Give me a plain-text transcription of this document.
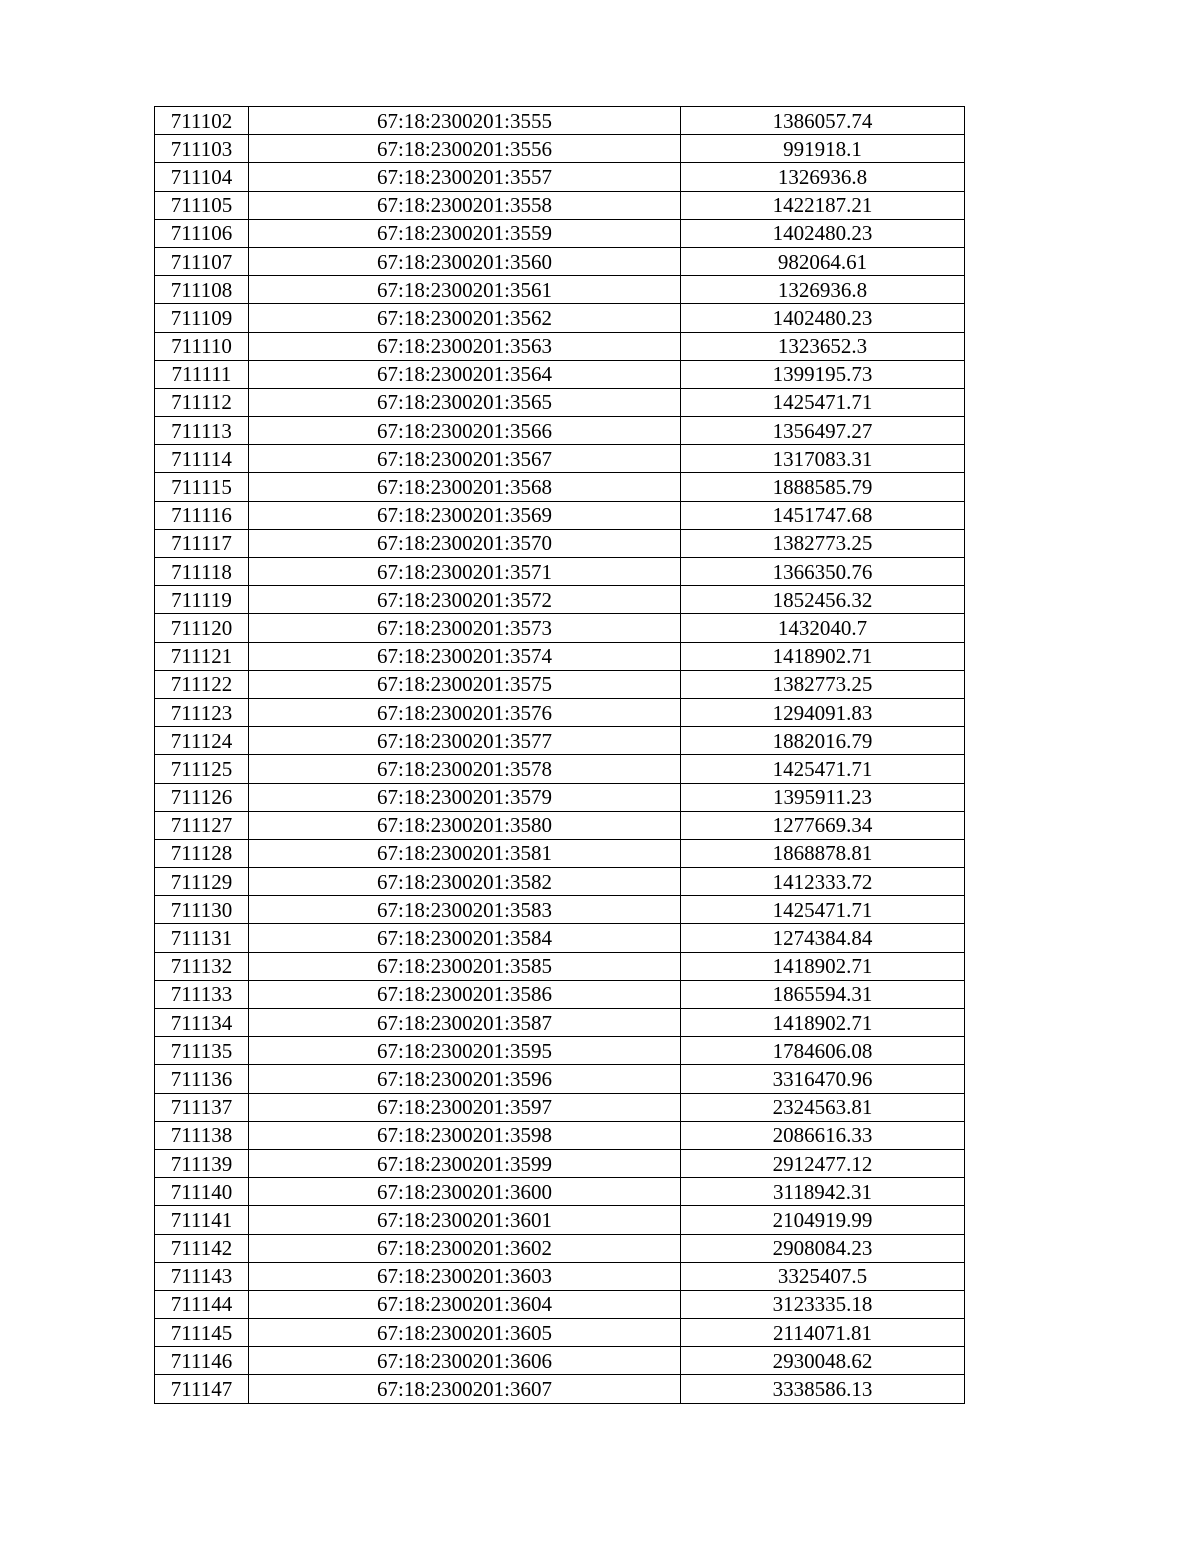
711102	67:18:2300201:3555	1386057.74
711103	67:18:2300201:3556	991918.1
711104	67:18:2300201:3557	1326936.8
711105	67:18:2300201:3558	1422187.21
711106	67:18:2300201:3559	1402480.23
711107	67:18:2300201:3560	982064.61
711108	67:18:2300201:3561	1326936.8
711109	67:18:2300201:3562	1402480.23
711110	67:18:2300201:3563	1323652.3
711111	67:18:2300201:3564	1399195.73
711112	67:18:2300201:3565	1425471.71
711113	67:18:2300201:3566	1356497.27
711114	67:18:2300201:3567	1317083.31
711115	67:18:2300201:3568	1888585.79
711116	67:18:2300201:3569	1451747.68
711117	67:18:2300201:3570	1382773.25
711118	67:18:2300201:3571	1366350.76
711119	67:18:2300201:3572	1852456.32
711120	67:18:2300201:3573	1432040.7
711121	67:18:2300201:3574	1418902.71
711122	67:18:2300201:3575	1382773.25
711123	67:18:2300201:3576	1294091.83
711124	67:18:2300201:3577	1882016.79
711125	67:18:2300201:3578	1425471.71
711126	67:18:2300201:3579	1395911.23
711127	67:18:2300201:3580	1277669.34
711128	67:18:2300201:3581	1868878.81
711129	67:18:2300201:3582	1412333.72
711130	67:18:2300201:3583	1425471.71
711131	67:18:2300201:3584	1274384.84
711132	67:18:2300201:3585	1418902.71
711133	67:18:2300201:3586	1865594.31
711134	67:18:2300201:3587	1418902.71
711135	67:18:2300201:3595	1784606.08
711136	67:18:2300201:3596	3316470.96
711137	67:18:2300201:3597	2324563.81
711138	67:18:2300201:3598	2086616.33
711139	67:18:2300201:3599	2912477.12
711140	67:18:2300201:3600	3118942.31
711141	67:18:2300201:3601	2104919.99
711142	67:18:2300201:3602	2908084.23
711143	67:18:2300201:3603	3325407.5
711144	67:18:2300201:3604	3123335.18
711145	67:18:2300201:3605	2114071.81
711146	67:18:2300201:3606	2930048.62
711147	67:18:2300201:3607	3338586.13
